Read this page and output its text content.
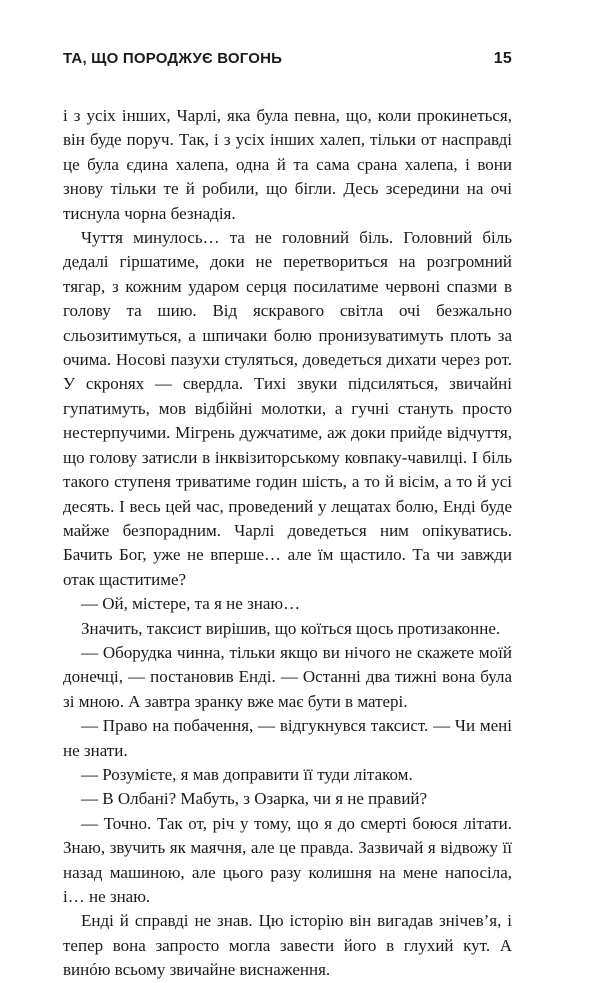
ТА, ЩО ПОРОДЖУЄ ВОГОНЬ	15

і з усіх інших, Чарлі, яка була певна, що, коли прокинеться, він буде поруч. Так, і з усіх інших халеп, тільки от насправді це була єдина халепа, одна й та сама срана халепа, і вони знову тільки те й робили, що бігли. Десь зсередини на очі тиснула чорна безнадія.

Чуття минулось… та не головний біль. Головний біль дедалі гіршатиме, доки не перетвориться на розгромний тягар, з кожним ударом серця посилатиме червоні спазми в голову та шию. Від яскравого світла очі безжально сльозитимуться, а шпичаки болю пронизуватимуть плоть за очима. Носові пазухи стуляться, доведеться дихати через рот. У скронях — свердла. Тихі звуки підсиляться, звичайні гупатимуть, мов відбійні молотки, а гучні стануть просто нестерпучими. Мігрень дужчатиме, аж доки прийде відчуття, що голову затисли в інквізиторському ковпаку-чавилці. І біль такого ступеня триватиме годин шість, а то й вісім, а то й усі десять. І весь цей час, проведений у лещатах болю, Енді буде майже безпорадним. Чарлі доведеться ним опікуватись. Бачить Бог, уже не вперше… але їм щастило. Та чи завжди отак щаститиме?

— Ой, містере, та я не знаю…

Значить, таксист вирішив, що коїться щось протизаконне.

— Оборудка чинна, тільки якщо ви нічого не скажете моїй донечці, — постановив Енді. — Останні два тижні вона була зі мною. А завтра зранку вже має бути в матері.

— Право на побачення, — відгукнувся таксист. — Чи мені не знати.

— Розумієте, я мав доправити її туди літаком.

— В Олбані? Мабуть, з Озарка, чи я не правий?

— Точно. Так от, річ у тому, що я до смерті боюся літати. Знаю, звучить як маячня, але це правда. Зазвичай я відвожу її назад машиною, але цього разу колишня на мене напосіла, і… не знаю.

Енді й справді не знав. Цю історію він вигадав знічев’я, і тепер вона запросто могла завести його в глухий кут. А винóю всьому звичайне виснаження.
